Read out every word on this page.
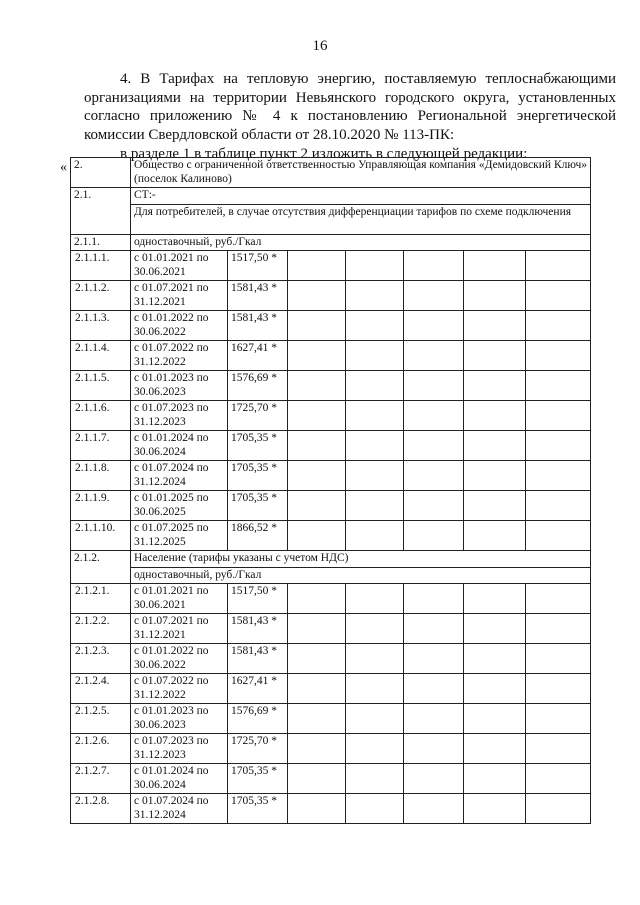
16
4. В Тарифах на тепловую энергию, поставляемую теплоснабжающими организациями на территории Невьянского городского округа, установленных согласно приложению № 4 к постановлению Региональной энергетической комиссии Свердловской области от 28.10.2020 № 113-ПК:
в разделе 1 в таблице пункт 2 изложить в следующей редакции:
« 2.	Общество с ограниченной ответственностью Управляющая компания «Демидовский Ключ» (поселок Калиново)						
2.1.	СТ:-						
	Для потребителей, в случае отсутствия дифференциации тарифов по схеме подключения						
2.1.1.	одноставочный, руб./Гкал						
2.1.1.1.	с 01.01.2021 по
30.06.2021	1517,50 *					
2.1.1.2.	с 01.07.2021 по
31.12.2021	1581,43 *					
2.1.1.3.	с 01.01.2022 по
30.06.2022	1581,43 *					
2.1.1.4.	с 01.07.2022 по
31.12.2022	1627,41 *					
2.1.1.5.	с 01.01.2023 по
30.06.2023	1576,69 *					
2.1.1.6.	с 01.07.2023 по
31.12.2023	1725,70 *					
2.1.1.7.	с 01.01.2024 по
30.06.2024	1705,35 *					
2.1.1.8.	с 01.07.2024 по
31.12.2024	1705,35 *					
2.1.1.9.	с 01.01.2025 по
30.06.2025	1705,35 *					
2.1.1.10.	с 01.07.2025 по
31.12.2025	1866,52 *					
2.1.2.	Население (тарифы указаны с учетом НДС)						
	одноставочный, руб./Гкал						
2.1.2.1.	с 01.01.2021 по
30.06.2021	1517,50 *					
2.1.2.2.	с 01.07.2021 по
31.12.2021	1581,43 *					
2.1.2.3.	с 01.01.2022 по
30.06.2022	1581,43 *					
2.1.2.4.	с 01.07.2022 по
31.12.2022	1627,41 *					
2.1.2.5.	с 01.01.2023 по
30.06.2023	1576,69 *					
2.1.2.6.	с 01.07.2023 по
31.12.2023	1725,70 *					
2.1.2.7.	с 01.01.2024 по
30.06.2024	1705,35 *					
2.1.2.8.	с 01.07.2024 по
31.12.2024	1705,35 *					
